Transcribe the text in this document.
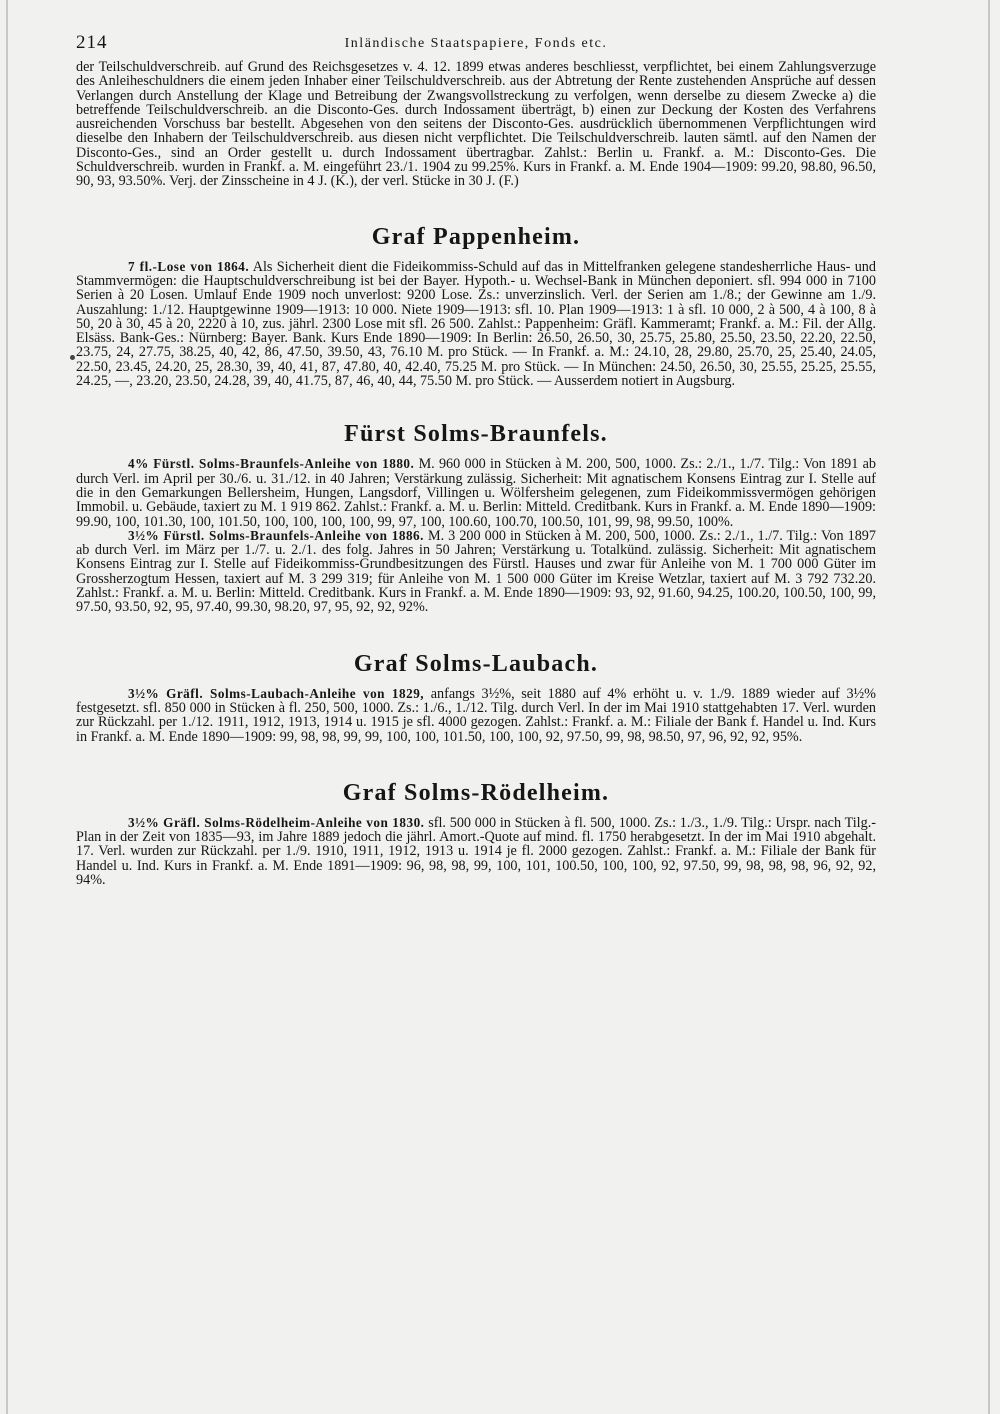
214	Inländische Staatspapiere, Fonds etc.

der Teilschuldverschreib. auf Grund des Reichsgesetzes v. 4. 12. 1899 etwas anderes beschliesst, verpflichtet, bei einem Zahlungsverzuge des Anleiheschuldners die einem jeden Inhaber einer Teilschuldverschreib. aus der Abtretung der Rente zustehenden Ansprüche auf dessen Verlangen durch Anstellung der Klage und Betreibung der Zwangsvollstreckung zu verfolgen, wenn derselbe zu diesem Zwecke a) die betreffende Teilschuldverschreib. an die Disconto-Ges. durch Indossament überträgt, b) einen zur Deckung der Kosten des Verfahrens ausreichenden Vorschuss bar bestellt. Abgesehen von den seitens der Disconto-Ges. ausdrücklich übernommenen Verpflichtungen wird dieselbe den Inhabern der Teilschuldverschreib. aus diesen nicht verpflichtet. Die Teilschuldverschreib. lauten sämtl. auf den Namen der Disconto-Ges., sind an Order gestellt u. durch Indossament übertragbar. Zahlst.: Berlin u. Frankf. a. M.: Disconto-Ges. Die Schuldverschreib. wurden in Frankf. a. M. eingeführt 23./1. 1904 zu 99.25%. Kurs in Frankf. a. M. Ende 1904—1909: 99.20, 98.80, 96.50, 90, 93, 93.50%. Verj. der Zinsscheine in 4 J. (K.), der verl. Stücke in 30 J. (F.)

Graf Pappenheim.

7 fl.-Lose von 1864. Als Sicherheit dient die Fideikommiss-Schuld auf das in Mittelfranken gelegene standesherrliche Haus- und Stammvermögen: die Hauptschuldverschreibung ist bei der Bayer. Hypoth.- u. Wechsel-Bank in München deponiert. sfl. 994 000 in 7100 Serien à 20 Losen. Umlauf Ende 1909 noch unverlost: 9200 Lose. Zs.: unverzinslich. Verl. der Serien am 1./8.; der Gewinne am 1./9. Auszahlung: 1./12. Hauptgewinne 1909—1913: 10 000. Niete 1909—1913: sfl. 10. Plan 1909—1913: 1 à sfl. 10 000, 2 à 500, 4 à 100, 8 à 50, 20 à 30, 45 à 20, 2220 à 10, zus. jährl. 2300 Lose mit sfl. 26 500. Zahlst.: Pappenheim: Gräfl. Kammeramt; Frankf. a. M.: Fil. der Allg. Elsäss. Bank-Ges.: Nürnberg: Bayer. Bank. Kurs Ende 1890—1909: In Berlin: 26.50, 26.50, 30, 25.75, 25.80, 25.50, 23.50, 22.20, 22.50, 23.75, 24, 27.75, 38.25, 40, 42, 86, 47.50, 39.50, 43, 76.10 M. pro Stück. — In Frankf. a. M.: 24.10, 28, 29.80, 25.70, 25, 25.40, 24.05, 22.50, 23.45, 24.20, 25, 28.30, 39, 40, 41, 87, 47.80, 40, 42.40, 75.25 M. pro Stück. — In München: 24.50, 26.50, 30, 25.55, 25.25, 25.55, 24.25, —, 23.20, 23.50, 24.28, 39, 40, 41.75, 87, 46, 40, 44, 75.50 M. pro Stück. — Ausserdem notiert in Augsburg.

Fürst Solms-Braunfels.

4% Fürstl. Solms-Braunfels-Anleihe von 1880. M. 960 000 in Stücken à M. 200, 500, 1000. Zs.: 2./1., 1./7. Tilg.: Von 1891 ab durch Verl. im April per 30./6. u. 31./12. in 40 Jahren; Verstärkung zulässig. Sicherheit: Mit agnatischem Konsens Eintrag zur I. Stelle auf die in den Gemarkungen Bellersheim, Hungen, Langsdorf, Villingen u. Wölfersheim gelegenen, zum Fideikommissvermögen gehörigen Immobil. u. Gebäude, taxiert zu M. 1 919 862. Zahlst.: Frankf. a. M. u. Berlin: Mitteld. Creditbank. Kurs in Frankf. a. M. Ende 1890—1909: 99.90, 100, 101.30, 100, 101.50, 100, 100, 100, 100, 99, 97, 100, 100.60, 100.70, 100.50, 101, 99, 98, 99.50, 100%.

3½% Fürstl. Solms-Braunfels-Anleihe von 1886. M. 3 200 000 in Stücken à M. 200, 500, 1000. Zs.: 2./1., 1./7. Tilg.: Von 1897 ab durch Verl. im März per 1./7. u. 2./1. des folg. Jahres in 50 Jahren; Verstärkung u. Totalkünd. zulässig. Sicherheit: Mit agnatischem Konsens Eintrag zur I. Stelle auf Fideikommiss-Grundbesitzungen des Fürstl. Hauses und zwar für Anleihe von M. 1 700 000 Güter im Grossherzogtum Hessen, taxiert auf M. 3 299 319; für Anleihe von M. 1 500 000 Güter im Kreise Wetzlar, taxiert auf M. 3 792 732.20. Zahlst.: Frankf. a. M. u. Berlin: Mitteld. Creditbank. Kurs in Frankf. a. M. Ende 1890—1909: 93, 92, 91.60, 94.25, 100.20, 100.50, 100, 99, 97.50, 93.50, 92, 95, 97.40, 99.30, 98.20, 97, 95, 92, 92, 92%.

Graf Solms-Laubach.

3½% Gräfl. Solms-Laubach-Anleihe von 1829, anfangs 3½%, seit 1880 auf 4% erhöht u. v. 1./9. 1889 wieder auf 3½% festgesetzt. sfl. 850 000 in Stücken à fl. 250, 500, 1000. Zs.: 1./6., 1./12. Tilg. durch Verl. In der im Mai 1910 stattgehabten 17. Verl. wurden zur Rückzahl. per 1./12. 1911, 1912, 1913, 1914 u. 1915 je sfl. 4000 gezogen. Zahlst.: Frankf. a. M.: Filiale der Bank f. Handel u. Ind. Kurs in Frankf. a. M. Ende 1890—1909: 99, 98, 98, 99, 99, 100, 100, 101.50, 100, 100, 92, 97.50, 99, 98, 98.50, 97, 96, 92, 92, 95%.

Graf Solms-Rödelheim.

3½% Gräfl. Solms-Rödelheim-Anleihe von 1830. sfl. 500 000 in Stücken à fl. 500, 1000. Zs.: 1./3., 1./9. Tilg.: Urspr. nach Tilg.-Plan in der Zeit von 1835—93, im Jahre 1889 jedoch die jährl. Amort.-Quote auf mind. fl. 1750 herabgesetzt. In der im Mai 1910 abgehalt. 17. Verl. wurden zur Rückzahl. per 1./9. 1910, 1911, 1912, 1913 u. 1914 je fl. 2000 gezogen. Zahlst.: Frankf. a. M.: Filiale der Bank für Handel u. Ind. Kurs in Frankf. a. M. Ende 1891—1909: 96, 98, 98, 99, 100, 101, 100.50, 100, 100, 92, 97.50, 99, 98, 98, 98, 96, 92, 92, 94%.
